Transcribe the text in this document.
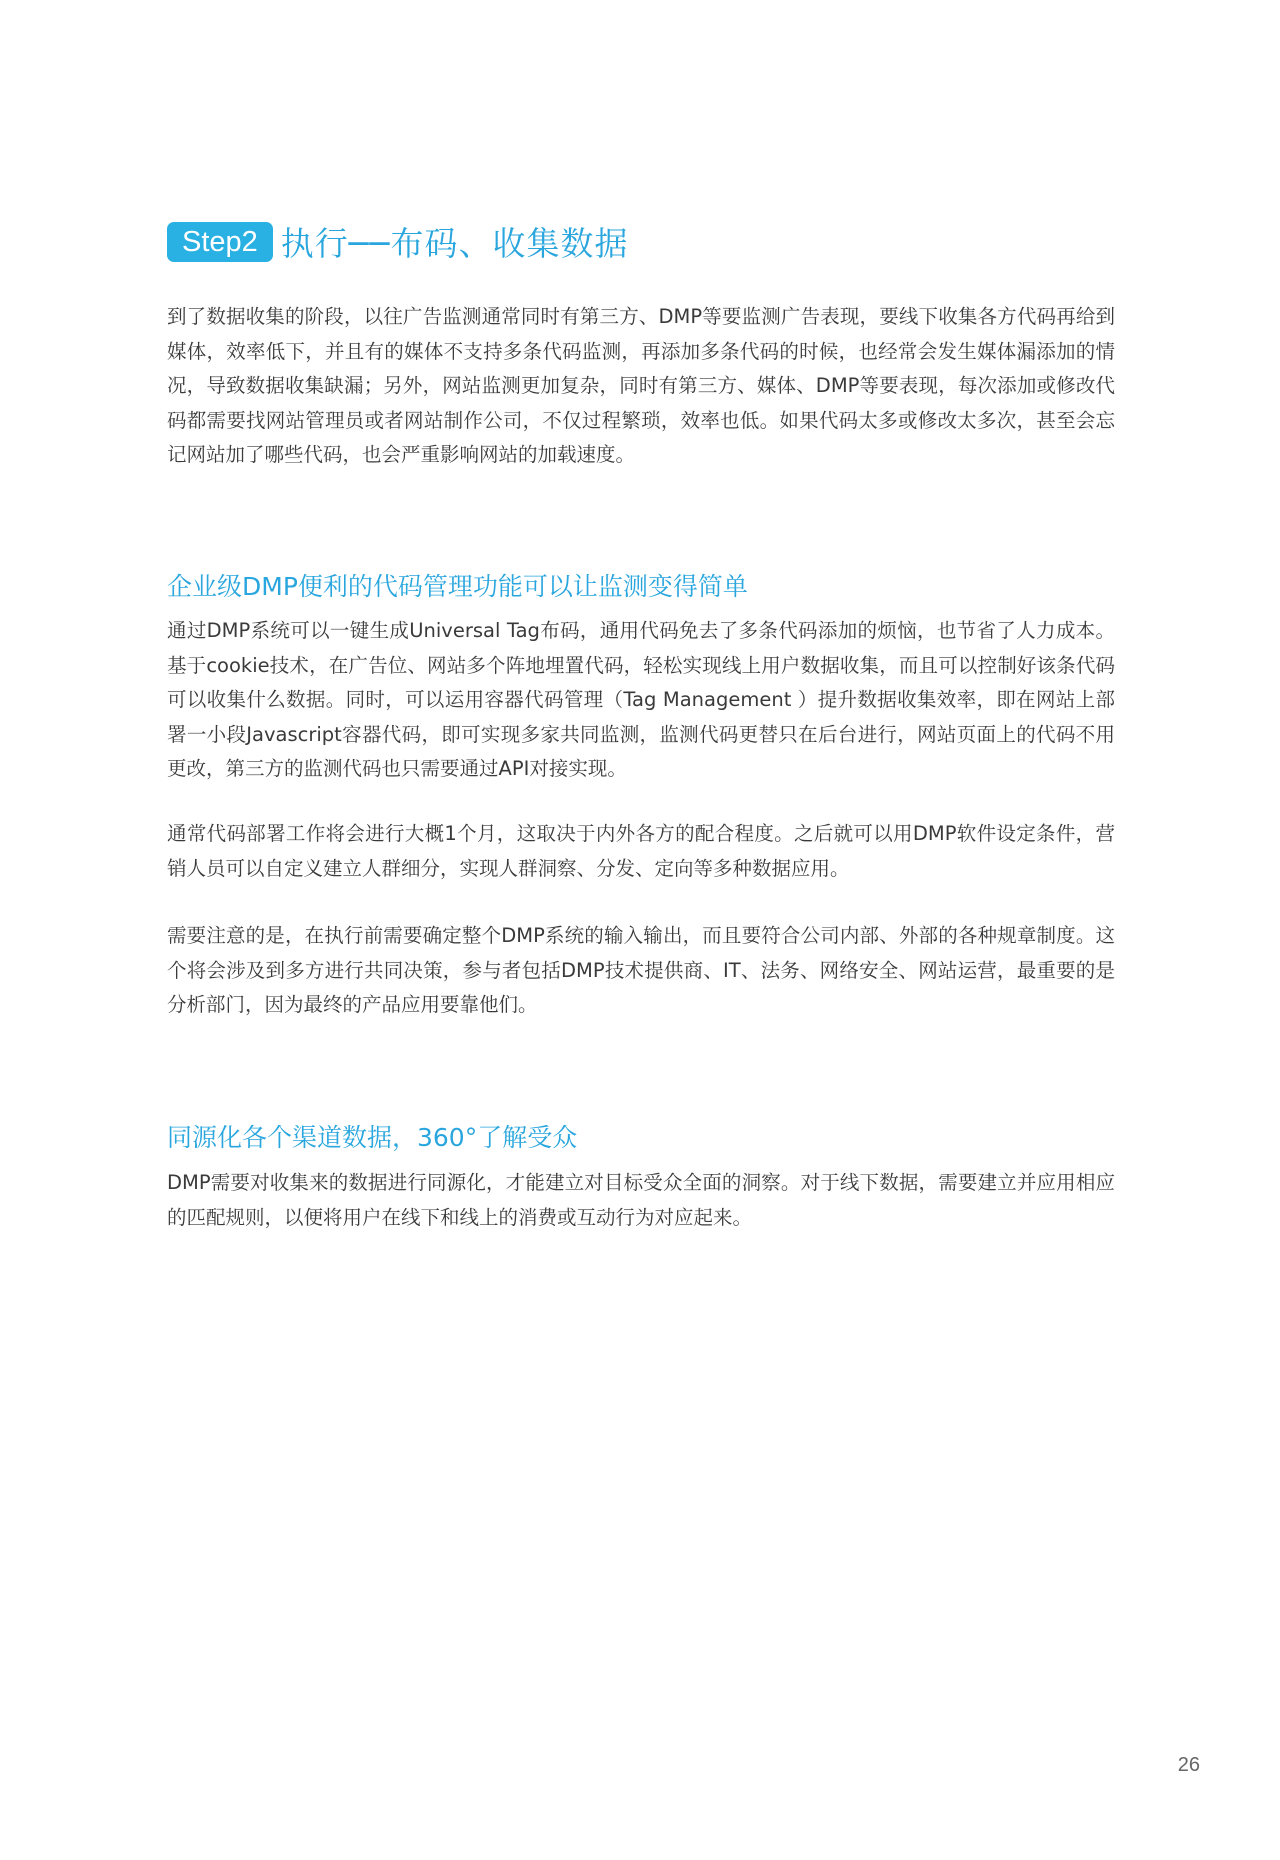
Step2 执行──布码、收集数据

到了数据收集的阶段，以往广告监测通常同时有第三方、DMP等要监测广告表现，要线下收集各方代码再给到媒体，效率低下，并且有的媒体不支持多条代码监测，再添加多条代码的时候，也经常会发生媒体漏添加的情况，导致数据收集缺漏；另外，网站监测更加复杂，同时有第三方、媒体、DMP等要表现，每次添加或修改代码都需要找网站管理员或者网站制作公司，不仅过程繁琐，效率也低。如果代码太多或修改太多次，甚至会忘记网站加了哪些代码，也会严重影响网站的加载速度。

企业级DMP便利的代码管理功能可以让监测变得简单

通过DMP系统可以一键生成Universal Tag布码，通用代码免去了多条代码添加的烦恼，也节省了人力成本。基于cookie技术，在广告位、网站多个阵地埋置代码，轻松实现线上用户数据收集，而且可以控制好该条代码可以收集什么数据。同时，可以运用容器代码管理（Tag Management ）提升数据收集效率，即在网站上部署一小段Javascript容器代码，即可实现多家共同监测，监测代码更替只在后台进行，网站页面上的代码不用更改，第三方的监测代码也只需要通过API对接实现。

通常代码部署工作将会进行大概1个月，这取决于内外各方的配合程度。之后就可以用DMP软件设定条件，营销人员可以自定义建立人群细分，实现人群洞察、分发、定向等多种数据应用。

需要注意的是，在执行前需要确定整个DMP系统的输入输出，而且要符合公司内部、外部的各种规章制度。这个将会涉及到多方进行共同决策，参与者包括DMP技术提供商、IT、法务、网络安全、网站运营，最重要的是分析部门，因为最终的产品应用要靠他们。

同源化各个渠道数据，360°了解受众

DMP需要对收集来的数据进行同源化，才能建立对目标受众全面的洞察。对于线下数据，需要建立并应用相应的匹配规则，以便将用户在线下和线上的消费或互动行为对应起来。

26
